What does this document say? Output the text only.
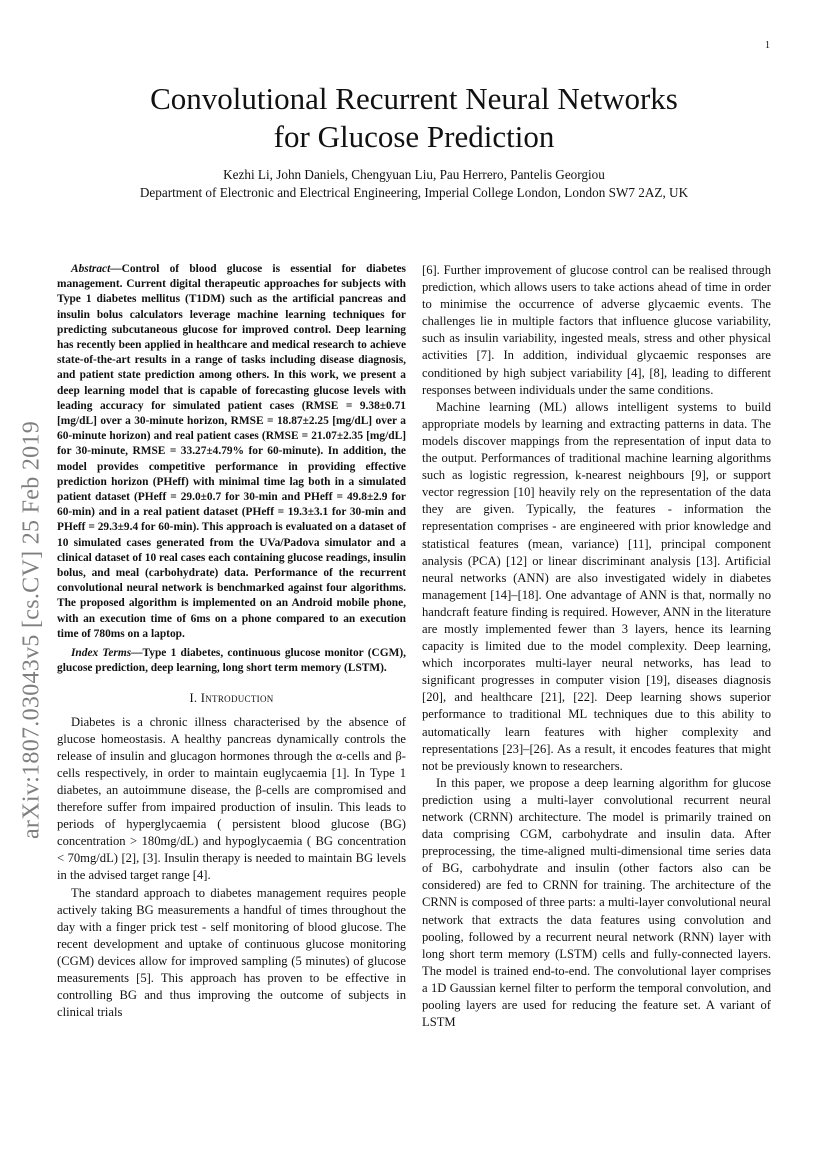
1
arXiv:1807.03043v5 [cs.CV] 25 Feb 2019
Convolutional Recurrent Neural Networks
for Glucose Prediction
Kezhi Li, John Daniels, Chengyuan Liu, Pau Herrero, Pantelis Georgiou
Department of Electronic and Electrical Engineering, Imperial College London, London SW7 2AZ, UK

Abstract—Control of blood glucose is essential for diabetes management. Current digital therapeutic approaches for subjects with Type 1 diabetes mellitus (T1DM) such as the artificial pancreas and insulin bolus calculators leverage machine learning techniques for predicting subcutaneous glucose for improved control. Deep learning has recently been applied in healthcare and medical research to achieve state-of-the-art results in a range of tasks including disease diagnosis, and patient state prediction among others. In this work, we present a deep learning model that is capable of forecasting glucose levels with leading accuracy for simulated patient cases (RMSE = 9.38±0.71 [mg/dL] over a 30-minute horizon, RMSE = 18.87±2.25 [mg/dL] over a 60-minute horizon) and real patient cases (RMSE = 21.07±2.35 [mg/dL] for 30-minute, RMSE = 33.27±4.79% for 60-minute). In addition, the model provides competitive performance in providing effective prediction horizon (PHeff) with minimal time lag both in a simulated patient dataset (PHeff = 29.0±0.7 for 30-min and PHeff = 49.8±2.9 for 60-min) and in a real patient dataset (PHeff = 19.3±3.1 for 30-min and PHeff = 29.3±9.4 for 60-min). This approach is evaluated on a dataset of 10 simulated cases generated from the UVa/Padova simulator and a clinical dataset of 10 real cases each containing glucose readings, insulin bolus, and meal (carbohydrate) data. Performance of the recurrent convolutional neural network is benchmarked against four algorithms. The proposed algorithm is implemented on an Android mobile phone, with an execution time of 6ms on a phone compared to an execution time of 780ms on a laptop.

Index Terms—Type 1 diabetes, continuous glucose monitor (CGM), glucose prediction, deep learning, long short term memory (LSTM).

I. Introduction

Diabetes is a chronic illness characterised by the absence of glucose homeostasis. A healthy pancreas dynamically controls the release of insulin and glucagon hormones through the α-cells and β-cells respectively, in order to maintain euglycaemia [1]. In Type 1 diabetes, an autoimmune disease, the β-cells are compromised and therefore suffer from impaired production of insulin. This leads to periods of hyperglycaemia ( persistent blood glucose (BG) concentration > 180mg/dL) and hypoglycaemia ( BG concentration < 70mg/dL) [2], [3]. Insulin therapy is needed to maintain BG levels in the advised target range [4].

The standard approach to diabetes management requires people actively taking BG measurements a handful of times throughout the day with a finger prick test - self monitoring of blood glucose. The recent development and uptake of continuous glucose monitoring (CGM) devices allow for improved sampling (5 minutes) of glucose measurements [5]. This approach has proven to be effective in controlling BG and thus improving the outcome of subjects in clinical trials

[6]. Further improvement of glucose control can be realised through prediction, which allows users to take actions ahead of time in order to minimise the occurrence of adverse glycaemic events. The challenges lie in multiple factors that influence glucose variability, such as insulin variability, ingested meals, stress and other physical activities [7]. In addition, individual glycaemic responses are conditioned by high subject variability [4], [8], leading to different responses between individuals under the same conditions.

Machine learning (ML) allows intelligent systems to build appropriate models by learning and extracting patterns in data. The models discover mappings from the representation of input data to the output. Performances of traditional machine learning algorithms such as logistic regression, k-nearest neighbours [9], or support vector regression [10] heavily rely on the representation of the data they are given. Typically, the features - information the representation comprises - are engineered with prior knowledge and statistical features (mean, variance) [11], principal component analysis (PCA) [12] or linear discriminant analysis [13]. Artificial neural networks (ANN) are also investigated widely in diabetes management [14]–[18]. One advantage of ANN is that, normally no handcraft feature finding is required. However, ANN in the literature are mostly implemented fewer than 3 layers, hence its learning capacity is limited due to the model complexity. Deep learning, which incorporates multi-layer neural networks, has lead to significant progresses in computer vision [19], diseases diagnosis [20], and healthcare [21], [22]. Deep learning shows superior performance to traditional ML techniques due to this ability to automatically learn features with higher complexity and representations [23]–[26]. As a result, it encodes features that might not be previously known to researchers.

In this paper, we propose a deep learning algorithm for glucose prediction using a multi-layer convolutional recurrent neural network (CRNN) architecture. The model is primarily trained on data comprising CGM, carbohydrate and insulin data. After preprocessing, the time-aligned multi-dimensional time series data of BG, carbohydrate and insulin (other factors also can be considered) are fed to CRNN for training. The architecture of the CRNN is composed of three parts: a multi-layer convolutional neural network that extracts the data features using convolution and pooling, followed by a recurrent neural network (RNN) layer with long short term memory (LSTM) cells and fully-connected layers. The model is trained end-to-end. The convolutional layer comprises a 1D Gaussian kernel filter to perform the temporal convolution, and pooling layers are used for reducing the feature set. A variant of LSTM
